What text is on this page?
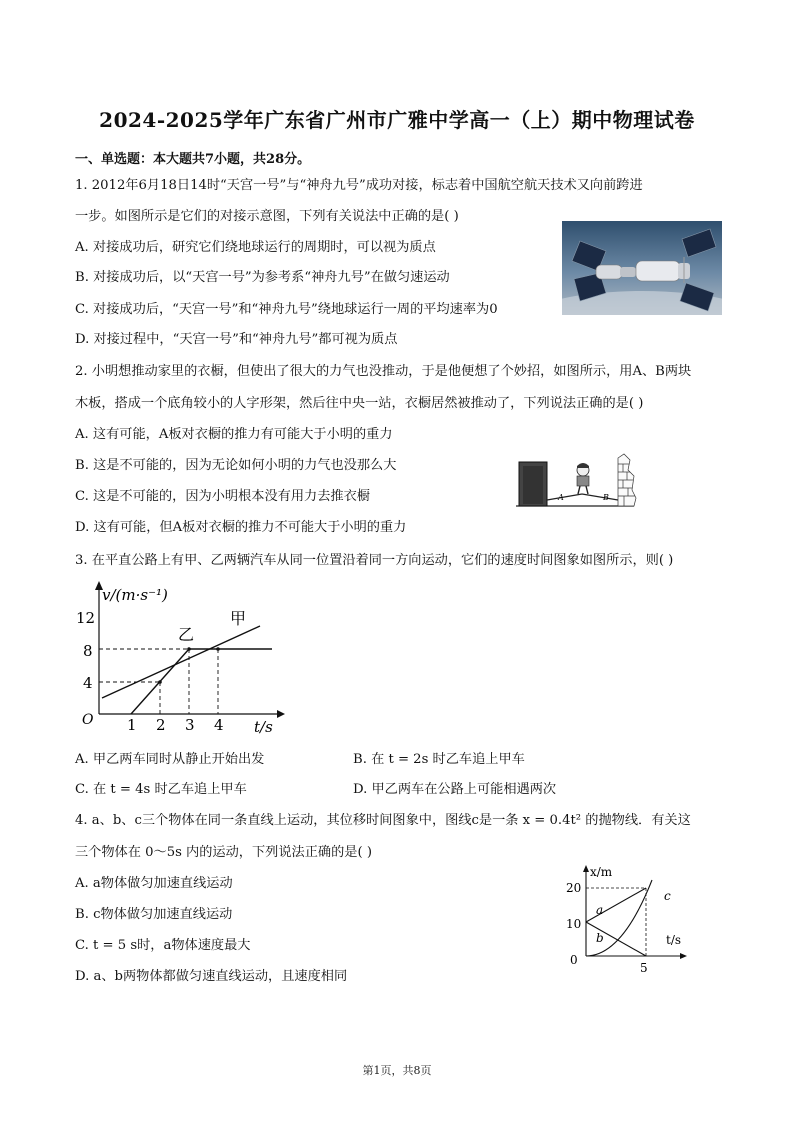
2024-2025学年广东省广州市广雅中学高一（上）期中物理试卷
一、单选题：本大题共7小题，共28分。
1. 2012年6月18日14时“天宫一号”与“神舟九号”成功对接，标志着中国航空航天技术又向前跨进
一步。如图所示是它们的对接示意图，下列有关说法中正确的是( )
A. 对接成功后，研究它们绕地球运行的周期时，可以视为质点
B. 对接成功后，以“天宫一号”为参考系“神舟九号”在做匀速运动
C. 对接成功后，“天宫一号”和“神舟九号”绕地球运行一周的平均速率为0
D. 对接过程中，“天宫一号”和“神舟九号”都可视为质点
2. 小明想推动家里的衣橱，但使出了很大的力气也没推动，于是他便想了个妙招，如图所示，用A、B两块
木板，搭成一个底角较小的人字形架，然后往中央一站，衣橱居然被推动了，下列说法正确的是( )
A. 这有可能，A板对衣橱的推力有可能大于小明的重力
B. 这是不可能的，因为无论如何小明的力气也没那么大
C. 这是不可能的，因为小明根本没有用力去推衣橱
D. 这有可能，但A板对衣橱的推力不可能大于小明的重力
A	B
3. 在平直公路上有甲、乙两辆汽车从同一位置沿着同一方向运动，它们的速度时间图象如图所示，则( )
v/(m·s⁻¹)
t/s
O
12
8
4
1 2 3 4
乙
甲
A. 甲乙两车同时从静止开始出发	B. 在 t = 2s 时乙车追上甲车
C. 在 t = 4s 时乙车追上甲车	D. 甲乙两车在公路上可能相遇两次
4. a、b、c三个物体在同一条直线上运动，其位移时间图象中，图线c是一条 x = 0.4t² 的抛物线．有关这
三个物体在 0～5s 内的运动，下列说法正确的是( )
A. a物体做匀加速直线运动
B. c物体做匀加速直线运动
C. t = 5 s时，a物体速度最大
D. a、b两物体都做匀速直线运动，且速度相同
x/m
t/s
20
10
0
5
a
b
c
第1页，共8页
